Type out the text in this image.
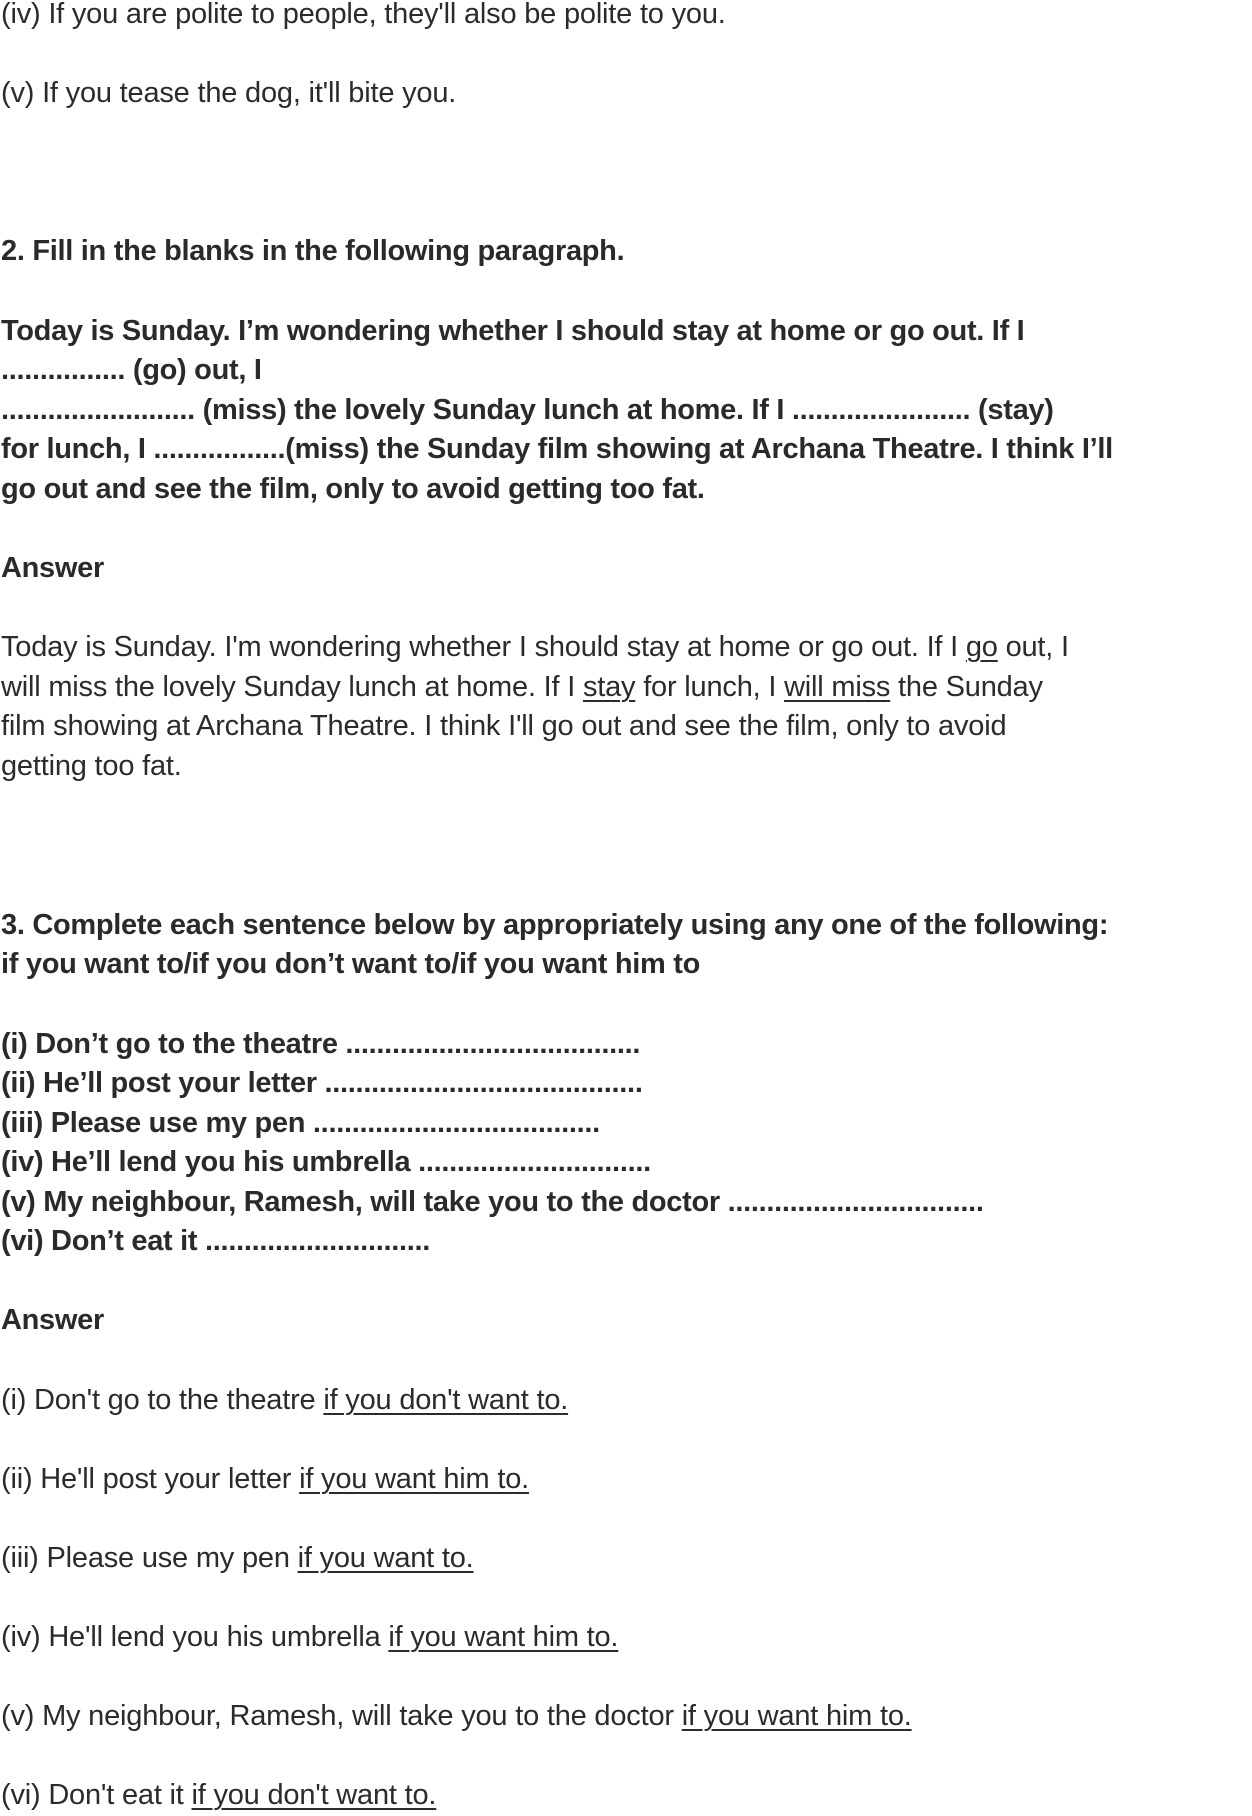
(iv) If you are polite to people, they'll also be polite to you.
(v) If you tease the dog, it'll bite you.
2. Fill in the blanks in the following paragraph.
Today is Sunday. I’m wondering whether I should stay at home or go out. If I
................ (go) out, I
......................... (miss) the lovely Sunday lunch at home. If I ....................... (stay)
for lunch, I .................(miss) the Sunday film showing at Archana Theatre. I think I’ll
go out and see the film, only to avoid getting too fat.
Answer
Today is Sunday. I'm wondering whether I should stay at home or go out. If I go out, I
will miss the lovely Sunday lunch at home. If I stay for lunch, I will miss the Sunday
film showing at Archana Theatre. I think I'll go out and see the film, only to avoid
getting too fat.
3. Complete each sentence below by appropriately using any one of the following:
if you want to/if you don’t want to/if you want him to
(i) Don’t go to the theatre ......................................
(ii) He’ll post your letter .........................................
(iii) Please use my pen .....................................
(iv) He’ll lend you his umbrella ..............................
(v) My neighbour, Ramesh, will take you to the doctor .................................
(vi) Don’t eat it .............................
Answer
(i) Don't go to the theatre if you don't want to.
(ii) He'll post your letter if you want him to.
(iii) Please use my pen if you want to.
(iv) He'll lend you his umbrella if you want him to.
(v) My neighbour, Ramesh, will take you to the doctor if you want him to.
(vi) Don't eat it if you don't want to.
